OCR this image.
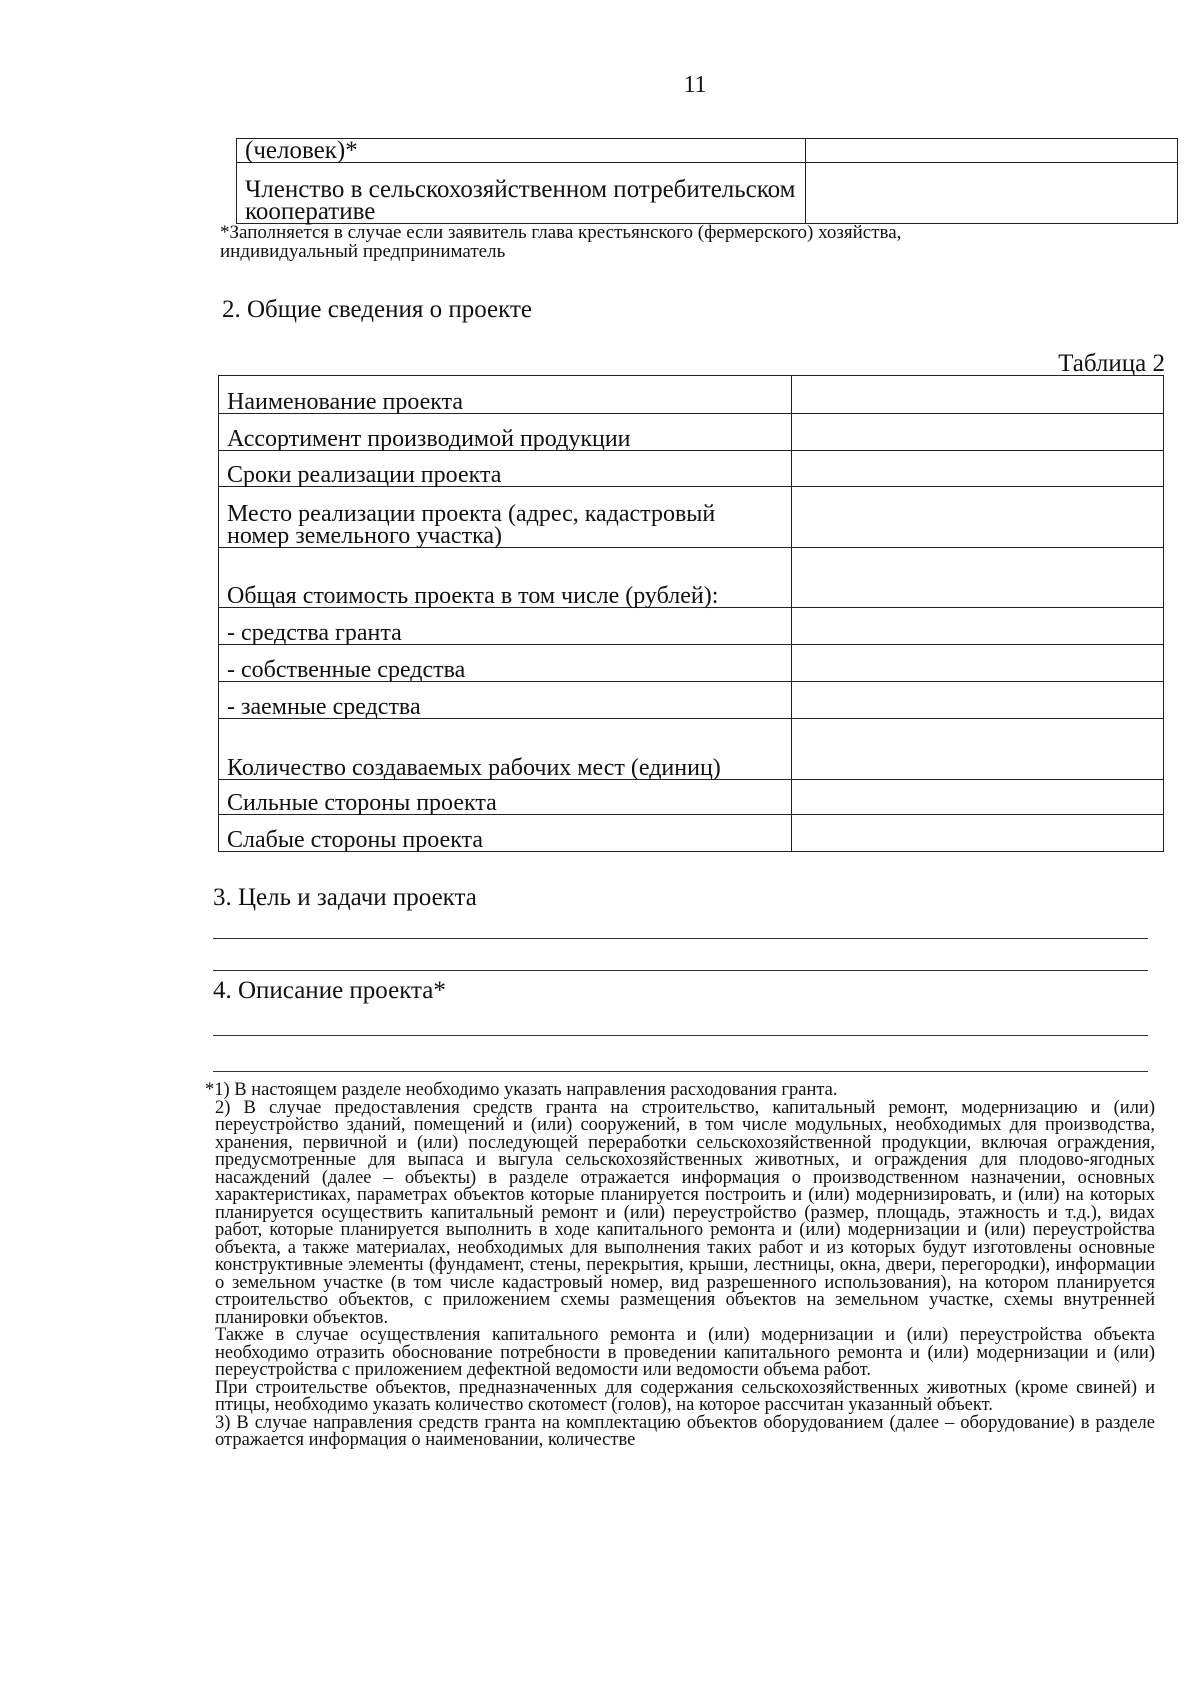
11
(человек)*	
Членство в сельскохозяйственном потребительском кооперативе	
*Заполняется в случае если заявитель глава крестьянского (фермерского) хозяйства,
индивидуальный предприниматель
2. Общие сведения о проекте
Таблица 2
Наименование проекта	
Ассортимент производимой продукции	
Сроки реализации проекта	
Место реализации проекта (адрес, кадастровый номер земельного участка)	
Общая стоимость проекта в том числе (рублей):	
- средства гранта	
- собственные средства	
- заемные средства	
Количество создаваемых рабочих мест (единиц)	
Сильные стороны проекта	
Слабые стороны проекта	
3. Цель и задачи проекта
4. Описание проекта*
*1) В настоящем разделе необходимо указать направления расходования гранта.
2) В случае предоставления средств гранта на строительство, капитальный ремонт, модернизацию и (или) переустройство зданий, помещений и (или) сооружений, в том числе модульных, необходимых для производства, хранения, первичной и (или) последующей переработки сельскохозяйственной продукции, включая ограждения, предусмотренные для выпаса и выгула сельскохозяйственных животных, и ограждения для плодово-ягодных насаждений (далее – объекты) в разделе отражается информация о производственном назначении, основных характеристиках, параметрах объектов которые планируется построить и (или) модернизировать, и (или) на которых планируется осуществить капитальный ремонт и (или) переустройство (размер, площадь, этажность и т.д.), видах работ, которые планируется выполнить в ходе капитального ремонта и (или) модернизации и (или) переустройства объекта, а также материалах, необходимых для выполнения таких работ и из которых будут изготовлены основные конструктивные элементы (фундамент, стены, перекрытия, крыши, лестницы, окна, двери, перегородки), информации о земельном участке (в том числе кадастровый номер, вид разрешенного использования), на котором планируется строительство объектов, с приложением схемы размещения объектов на земельном участке, схемы внутренней планировки объектов.
Также в случае осуществления капитального ремонта и (или) модернизации и (или) переустройства объекта необходимо отразить обоснование потребности в проведении капитального ремонта и (или) модернизации и (или) переустройства с приложением дефектной ведомости или ведомости объема работ.
При строительстве объектов, предназначенных для содержания сельскохозяйственных животных (кроме свиней) и птицы, необходимо указать количество скотомест (голов), на которое рассчитан указанный объект.
3) В случае направления средств гранта на комплектацию объектов оборудованием (далее – оборудование) в разделе отражается информация о наименовании, количестве
